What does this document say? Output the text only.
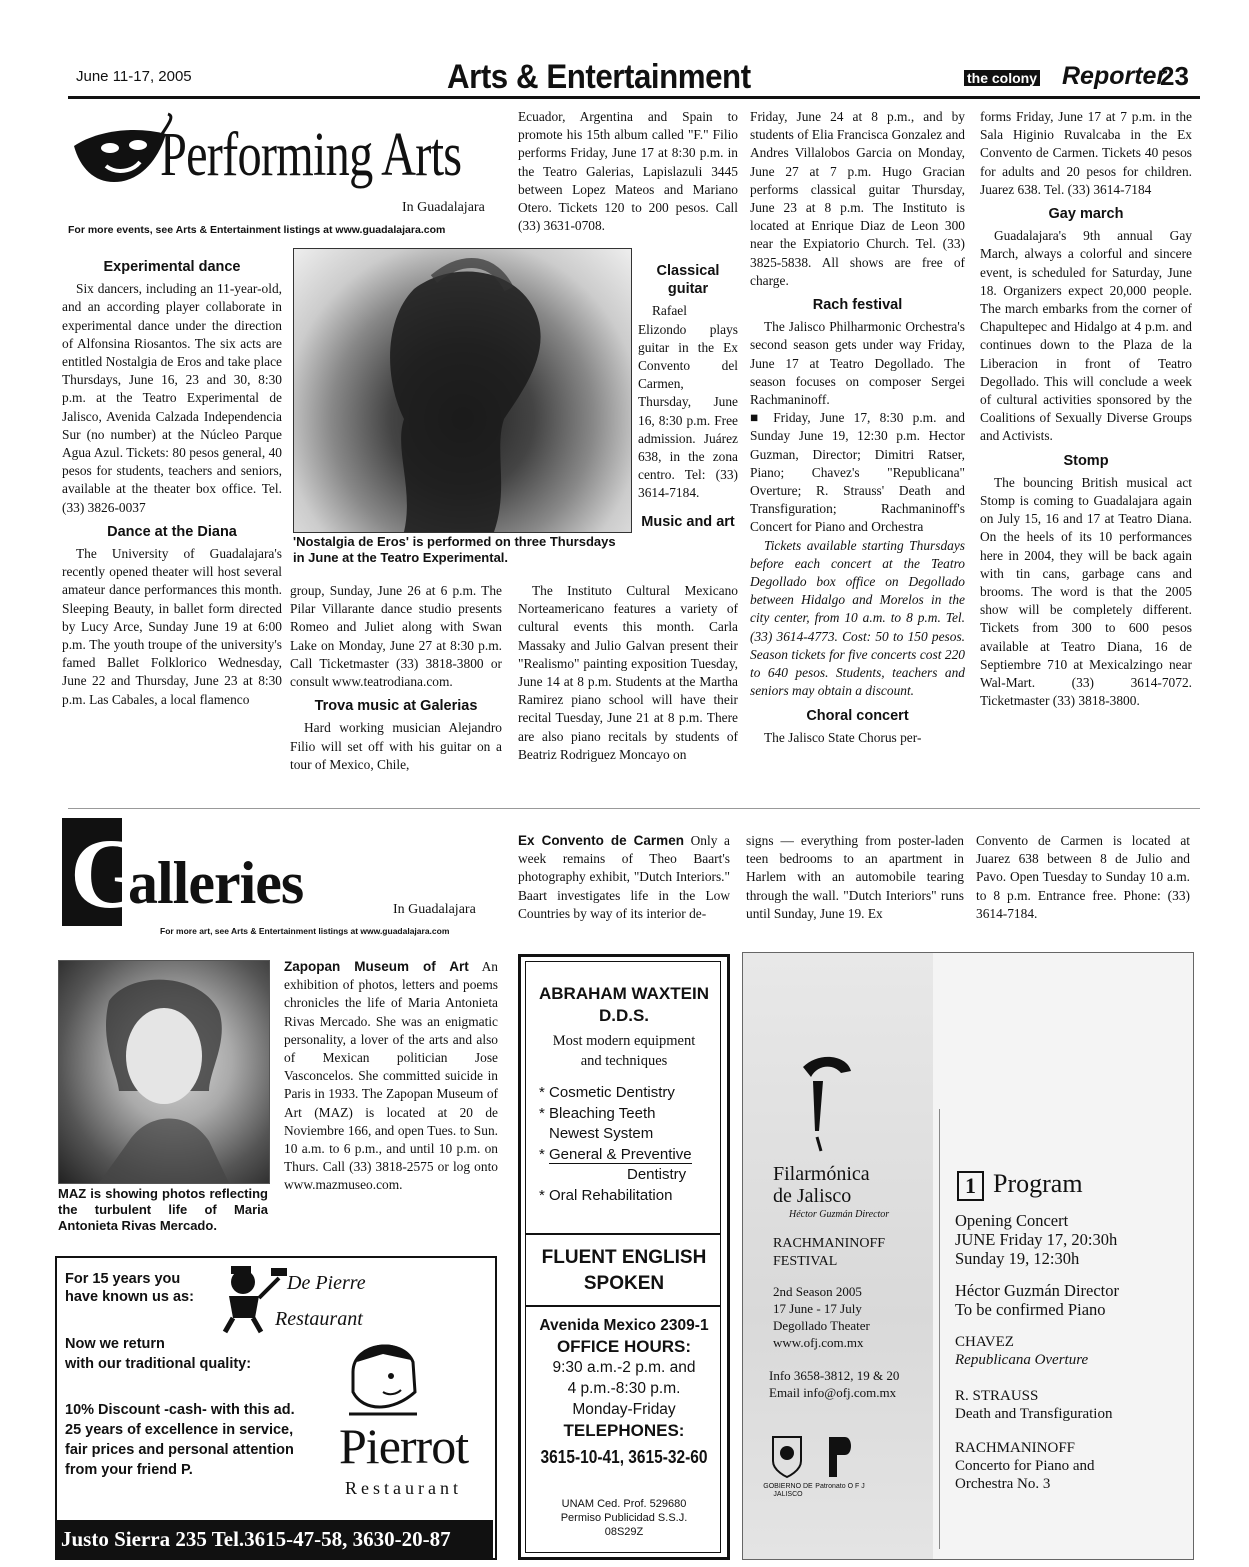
June 11-17, 2005	Arts & Entertainment	the colony Reporter
23
Performing Arts
In Guadalajara
For more events, see Arts & Entertainment listings at www.guadalajara.com
Experimental dance

Six dancers, including an 11-year-old, and an according player collaborate in experimental dance under the direction of Alfonsina Riosantos. The six acts are entitled Nostalgia de Eros and take place Thursdays, June 16, 23 and 30, 8:30 p.m. at the Teatro Experimental de Jalisco, Avenida Calzada Independencia Sur (no number) at the Núcleo Parque Agua Azul. Tickets: 80 pesos general, 40 pesos for students, teachers and seniors, available at the theater box office. Tel. (33) 3826-0037

Dance at the Diana

The University of Guadalajara's recently opened theater will host several amateur dance performances this month. Sleeping Beauty, in ballet form directed by Lucy Arce, Sunday June 19 at 6:00 p.m. The youth troupe of the university's famed Ballet Folklorico Wednesday, June 22 and Thursday, June 23 at 8:30 p.m. Las Cabales, a local flamenco

'Nostalgia de Eros' is performed on three Thursdays in June at the Teatro Experimental.

group, Sunday, June 26 at 6 p.m. The Pilar Villarante dance studio presents Romeo and Juliet along with Swan Lake on Monday, June 27 at 8:30 p.m. Call Ticketmaster (33) 3818-3800 or consult www.teatrodiana.com.

Trova music at Galerias

Hard working musician Alejandro Filio will set off with his guitar on a tour of Mexico, Chile,

Ecuador, Argentina and Spain to promote his 15th album called "F." Filio performs Friday, June 17 at 8:30 p.m. in the Teatro Galerias, Lapislazuli 3445 between Lopez Mateos and Mariano Otero. Tickets 120 to 200 pesos. Call (33) 3631-0708.

Classical guitar

Rafael Elizondo plays guitar in the Ex Convento del Carmen, Thursday, June 16, 8:30 p.m. Free admission. Juárez 638, in the zona centro. Tel: (33) 3614-7184.

Music and art

The Instituto Cultural Mexicano Norteamericano features a variety of cultural events this month. Carla Massaky and Julio Galvan present their "Realismo" painting exposition Tuesday, June 14 at 8 p.m. Students at the Martha Ramirez piano school will have their recital Tuesday, June 21 at 8 p.m. There are also piano recitals by students of Beatriz Rodriguez Moncayo on

Friday, June 24 at 8 p.m., and by students of Elia Francisca Gonzalez and Andres Villalobos Garcia on Monday, June 27 at 7 p.m. Hugo Gracian performs classical guitar Thursday, June 23 at 8 p.m. The Instituto is located at Enrique Diaz de Leon 300 near the Expiatorio Church. Tel. (33) 3825-5838. All shows are free of charge.

Rach festival

The Jalisco Philharmonic Orchestra's second season gets under way Friday, June 17 at Teatro Degollado. The season focuses on composer Sergei Rachmaninoff.

■ Friday, June 17, 8:30 p.m. and Sunday June 19, 12:30 p.m. Hector Guzman, Director; Dimitri Ratser, Piano; Chavez's "Republicana" Overture; R. Strauss' Death and Transfiguration; Rachmaninoff's Concert for Piano and Orchestra

Tickets available starting Thursdays before each concert at the Teatro Degollado box office on Degollado between Hidalgo and Morelos in the city center, from 10 a.m. to 8 p.m. Tel. (33) 3614-4773. Cost: 50 to 150 pesos. Season tickets for five concerts cost 220 to 640 pesos. Students, teachers and seniors may obtain a discount.

Choral concert

The Jalisco State Chorus per-

forms Friday, June 17 at 7 p.m. in the Sala Higinio Ruvalcaba in the Ex Convento de Carmen. Tickets 40 pesos for adults and 20 pesos for children. Juarez 638. Tel. (33) 3614-7184

Gay march

Guadalajara's 9th annual Gay March, always a colorful and sincere event, is scheduled for Saturday, June 18. Organizers expect 20,000 people. The march embarks from the corner of Chapultepec and Hidalgo at 4 p.m. and continues down to the Plaza de la Liberacion in front of Teatro Degollado. This will conclude a week of cultural activities sponsored by the Coalitions of Sexually Diverse Groups and Activists.

Stomp

The bouncing British musical act Stomp is coming to Guadalajara again on July 15, 16 and 17 at Teatro Diana. On the heels of its 10 performances here in 2004, they will be back again with tin cans, garbage cans and brooms. The word is that the 2005 show will be completely different. Tickets from 300 to 600 pesos available at Teatro Diana, 16 de Septiembre 710 at Mexicalzingo near Wal-Mart. (33) 3614-7072. Ticketmaster (33) 3818-3800.

G
alleries	In Guadalajara
For more art, see Arts & Entertainment listings at www.guadalajara.com

Ex Convento de Carmen Only a week remains of Theo Baart's photography exhibit, "Dutch Interiors." Baart investigates life in the Low Countries by way of its interior de-

signs — everything from poster-laden teen bedrooms to an apartment in Harlem with an automobile tearing through the wall. "Dutch Interiors" runs until Sunday, June 19. Ex

Convento de Carmen is located at Juarez 638 between 8 de Julio and Pavo. Open Tuesday to Sunday 10 a.m. to 8 p.m. Entrance free. Phone: (33) 3614-7184.

MAZ is showing photos reflecting the turbulent life of Maria Antonieta Rivas Mercado.

Zapopan Museum of Art An exhibition of photos, letters and poems chronicles the life of Maria Antonieta Rivas Mercado. She was an enigmatic personality, a lover of the arts and also of Mexican politician Jose Vasconcelos. She committed suicide in Paris in 1933. The Zapopan Museum of Art (MAZ) is located at 20 de Noviembre 166, and open Tues. to Sun. 10 a.m. to 6 p.m., and until 10 p.m. on Thurs. Call (33) 3818-2575 or log onto www.mazmuseo.com.

For 15 years you
have known us as:
De Pierre
Restaurant
Now we return
with our traditional quality:
10% Discount -cash- with this ad.
25 years of excellence in service,
fair prices and personal attention
from your friend P.	Pierrot
Restaurant
Justo Sierra 235 Tel.3615-47-58, 3630-20-87
ABRAHAM WAXTEIN
D.D.S.
Most modern equipment
and techniques
* Cosmetic Dentistry
* Bleaching Teeth
Newest System
* General & Preventive
Dentistry
* Oral Rehabilitation
FLUENT ENGLISH
SPOKEN
Avenida Mexico 2309-1
OFFICE HOURS:
9:30 a.m.-2 p.m. and
4 p.m.-8:30 p.m.
Monday-Friday
TELEPHONES:
3615-10-41, 3615-32-60
UNAM Ced. Prof. 529680
Permiso Publicidad S.S.J.
08S29Z
Filarmónica
de Jalisco
Héctor Guzmán Director
RACHMANINOFF
FESTIVAL
2nd Season 2005
17 June - 17 July
Degollado Theater
www.ofj.com.mx
Info 3658-3812, 19 & 20
Email info@ofj.com.mx
GOBIERNO DE JALISCO
Patronato O F J
1 Program
Opening Concert
JUNE Friday 17, 20:30h
Sunday 19, 12:30h
Héctor Guzmán Director
To be confirmed Piano
CHAVEZ
Republicana Overture
R. STRAUSS
Death and Transfiguration
RACHMANINOFF
Concerto for Piano and
Orchestra No. 3
